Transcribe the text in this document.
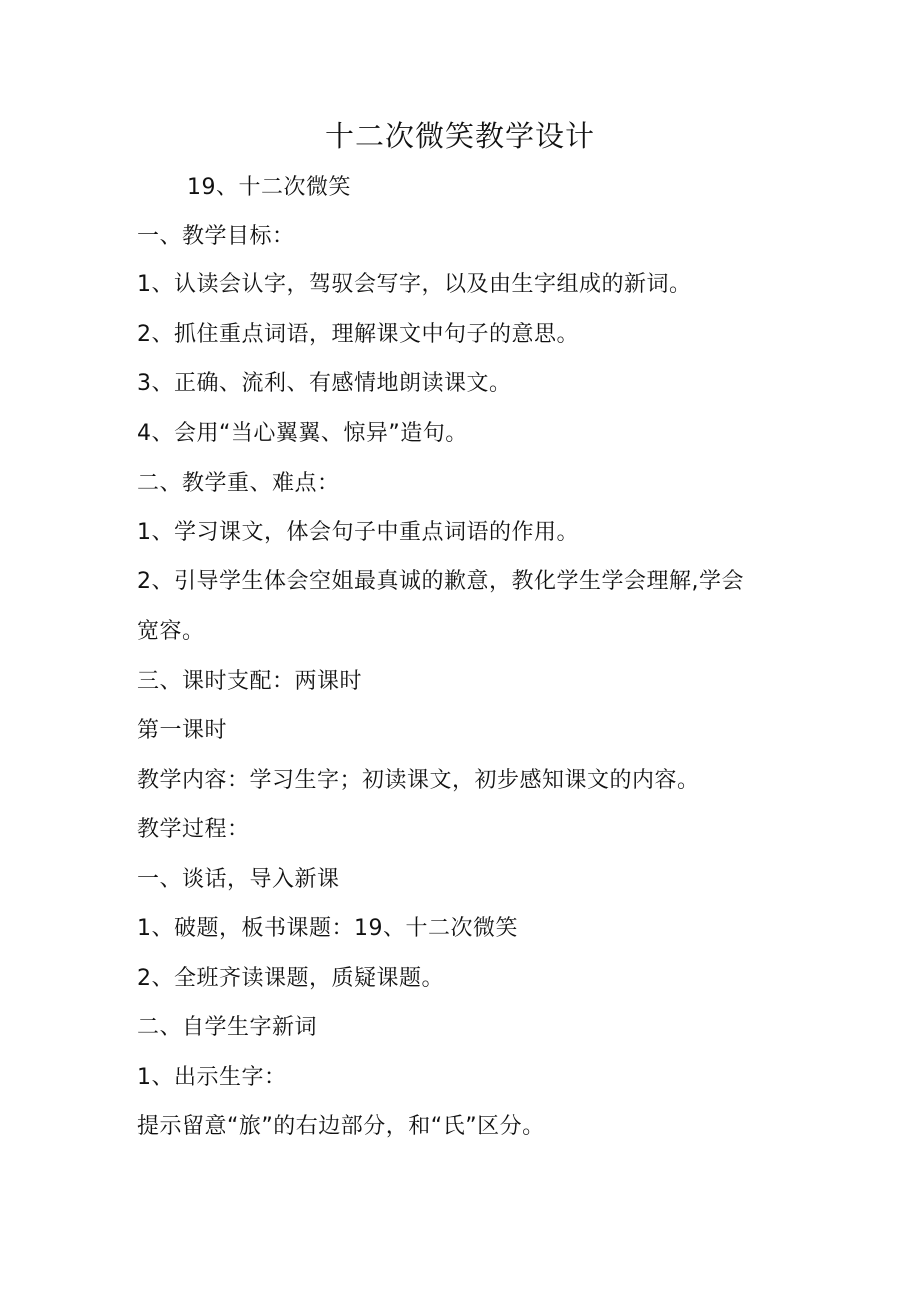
十二次微笑教学设计
19、十二次微笑
一、教学目标：
1、认读会认字，驾驭会写字，以及由生字组成的新词。
2、抓住重点词语，理解课文中句子的意思。
3、正确、流利、有感情地朗读课文。
4、会用“当心翼翼、惊异”造句。
二、教学重、难点：
1、学习课文，体会句子中重点词语的作用。
2、引导学生体会空姐最真诚的歉意，教化学生学会理解,学会
宽容。
三、课时支配：两课时
第一课时
教学内容：学习生字；初读课文，初步感知课文的内容。
教学过程：
一、谈话，导入新课
1、破题，板书课题：19、十二次微笑
2、全班齐读课题，质疑课题。
二、自学生字新词
1、出示生字：
提示留意“旅”的右边部分，和“氏”区分。
